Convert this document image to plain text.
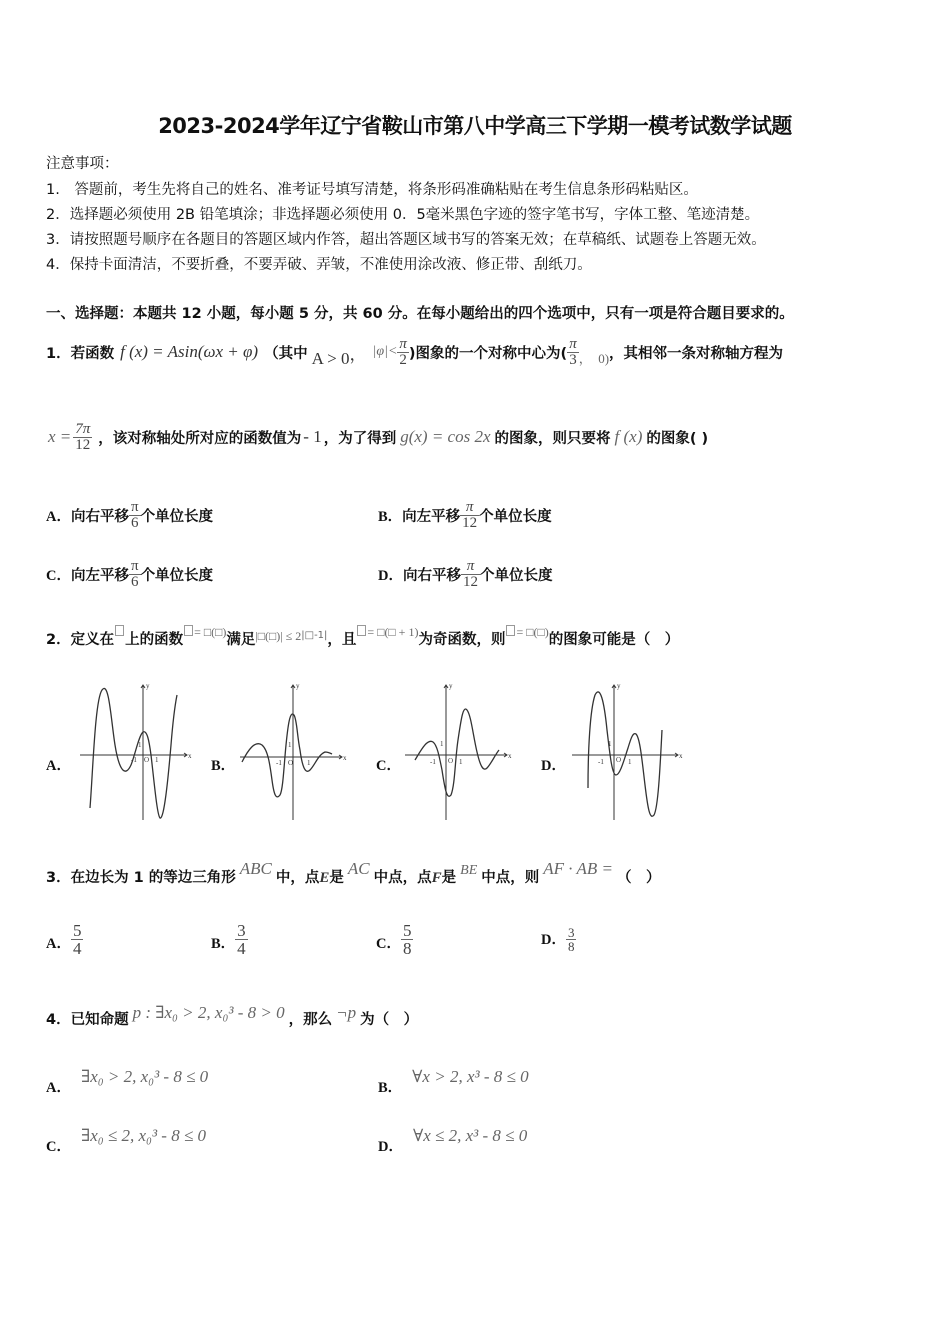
2023-2024学年辽宁省鞍山市第八中学高三下学期一模考试数学试题
注意事项：
1.　答题前，考生先将自己的姓名、准考证号填写清楚，将条形码准确粘贴在考生信息条形码粘贴区。
2．选择题必须使用 2B 铅笔填涂；非选择题必须使用 0．5毫米黑色字迹的签字笔书写，字体工整、笔迹清楚。
3．请按照题号顺序在各题目的答题区域内作答，超出答题区域书写的答案无效；在草稿纸、试题卷上答题无效。
4．保持卡面清洁，不要折叠，不要弄破、弄皱，不准使用涂改液、修正带、刮纸刀。
一、选择题：本题共 12 小题，每小题 5 分，共 60 分。在每小题给出的四个选项中，只有一项是符合题目要求的。
1． 若函数 f (x) = Asin(ωx + φ) （其中 A > 0 ， $|\varphi|< \frac{\pi}{2}$ )图象的一个对称中心为( $\frac{\pi}{3}$ ，　0) ，其相邻一条对称轴方程为
$x = \frac{7\pi}{12}$ ，该对称轴处所对应的函数值为 - 1 ，为了得到 g(x) = cos 2x 的图象，则只要将 f (x) 的图象( )
A． 向右平移 $\frac{\pi}{6}$ 个单位长度	B． 向左平移 $\frac{\pi}{12}$ 个单位长度
C． 向左平移 $\frac{\pi}{6}$ 个单位长度	D． 向右平移 $\frac{\pi}{12}$ 个单位长度
2． 定义在 上的函数 = □(□) 满足 |□(□)| ≤ $2^{|□-1|}$ ，且 = □(□ + 1) 为奇函数，则 = □(□) 的图象可能是（　）
A．	B．	C．	D．
y
x
1
-1 O 1
y
x
1
-1 O 1
y
x
1
-1 O 1
y
x
1
-1 O 1
3． 在边长为 1 的等边三角形 ABC 中，点 E 是 AC 中点，点 F 是 BE 中点，则 AF · AB = （　）
A． $\frac{5}{4}$	B． $\frac{3}{4}$	C． $\frac{5}{8}$	D． $\frac{3}{8}$
4． 已知命题 p : ∃x₀ > 2, x₀³ - 8 > 0 ，那么 ¬p 为（　）
A．
∃x₀ > 2, x₀³ - 8 ≤ 0
B．
∀x > 2, x³ - 8 ≤ 0
C．
∃x₀ ≤ 2, x₀³ - 8 ≤ 0
D．
∀x ≤ 2, x³ - 8 ≤ 0
